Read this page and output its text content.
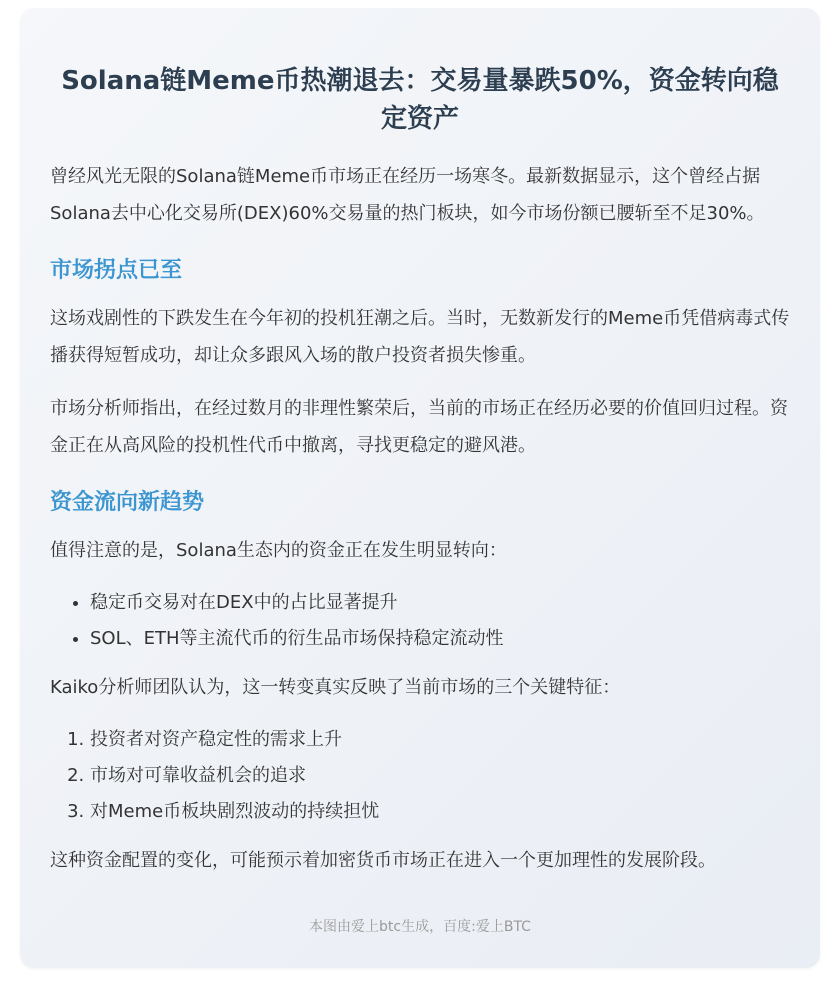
Solana链Meme币热潮退去：交易量暴跌50%，资金转向稳定资产

曾经风光无限的Solana链Meme币市场正在经历一场寒冬。最新数据显示，这个曾经占据Solana去中心化交易所(DEX)60%交易量的热门板块，如今市场份额已腰斩至不足30%。

市场拐点已至

这场戏剧性的下跌发生在今年初的投机狂潮之后。当时，无数新发行的Meme币凭借病毒式传播获得短暂成功，却让众多跟风入场的散户投资者损失惨重。

市场分析师指出，在经过数月的非理性繁荣后，当前的市场正在经历必要的价值回归过程。资金正在从高风险的投机性代币中撤离，寻找更稳定的避风港。

资金流向新趋势

值得注意的是，Solana生态内的资金正在发生明显转向：

• 稳定币交易对在DEX中的占比显著提升
• SOL、ETH等主流代币的衍生品市场保持稳定流动性

Kaiko分析师团队认为，这一转变真实反映了当前市场的三个关键特征：

1. 投资者对资产稳定性的需求上升
2. 市场对可靠收益机会的追求
3. 对Meme币板块剧烈波动的持续担忧

这种资金配置的变化，可能预示着加密货币市场正在进入一个更加理性的发展阶段。

本图由爱上btc生成，百度:爱上BTC
